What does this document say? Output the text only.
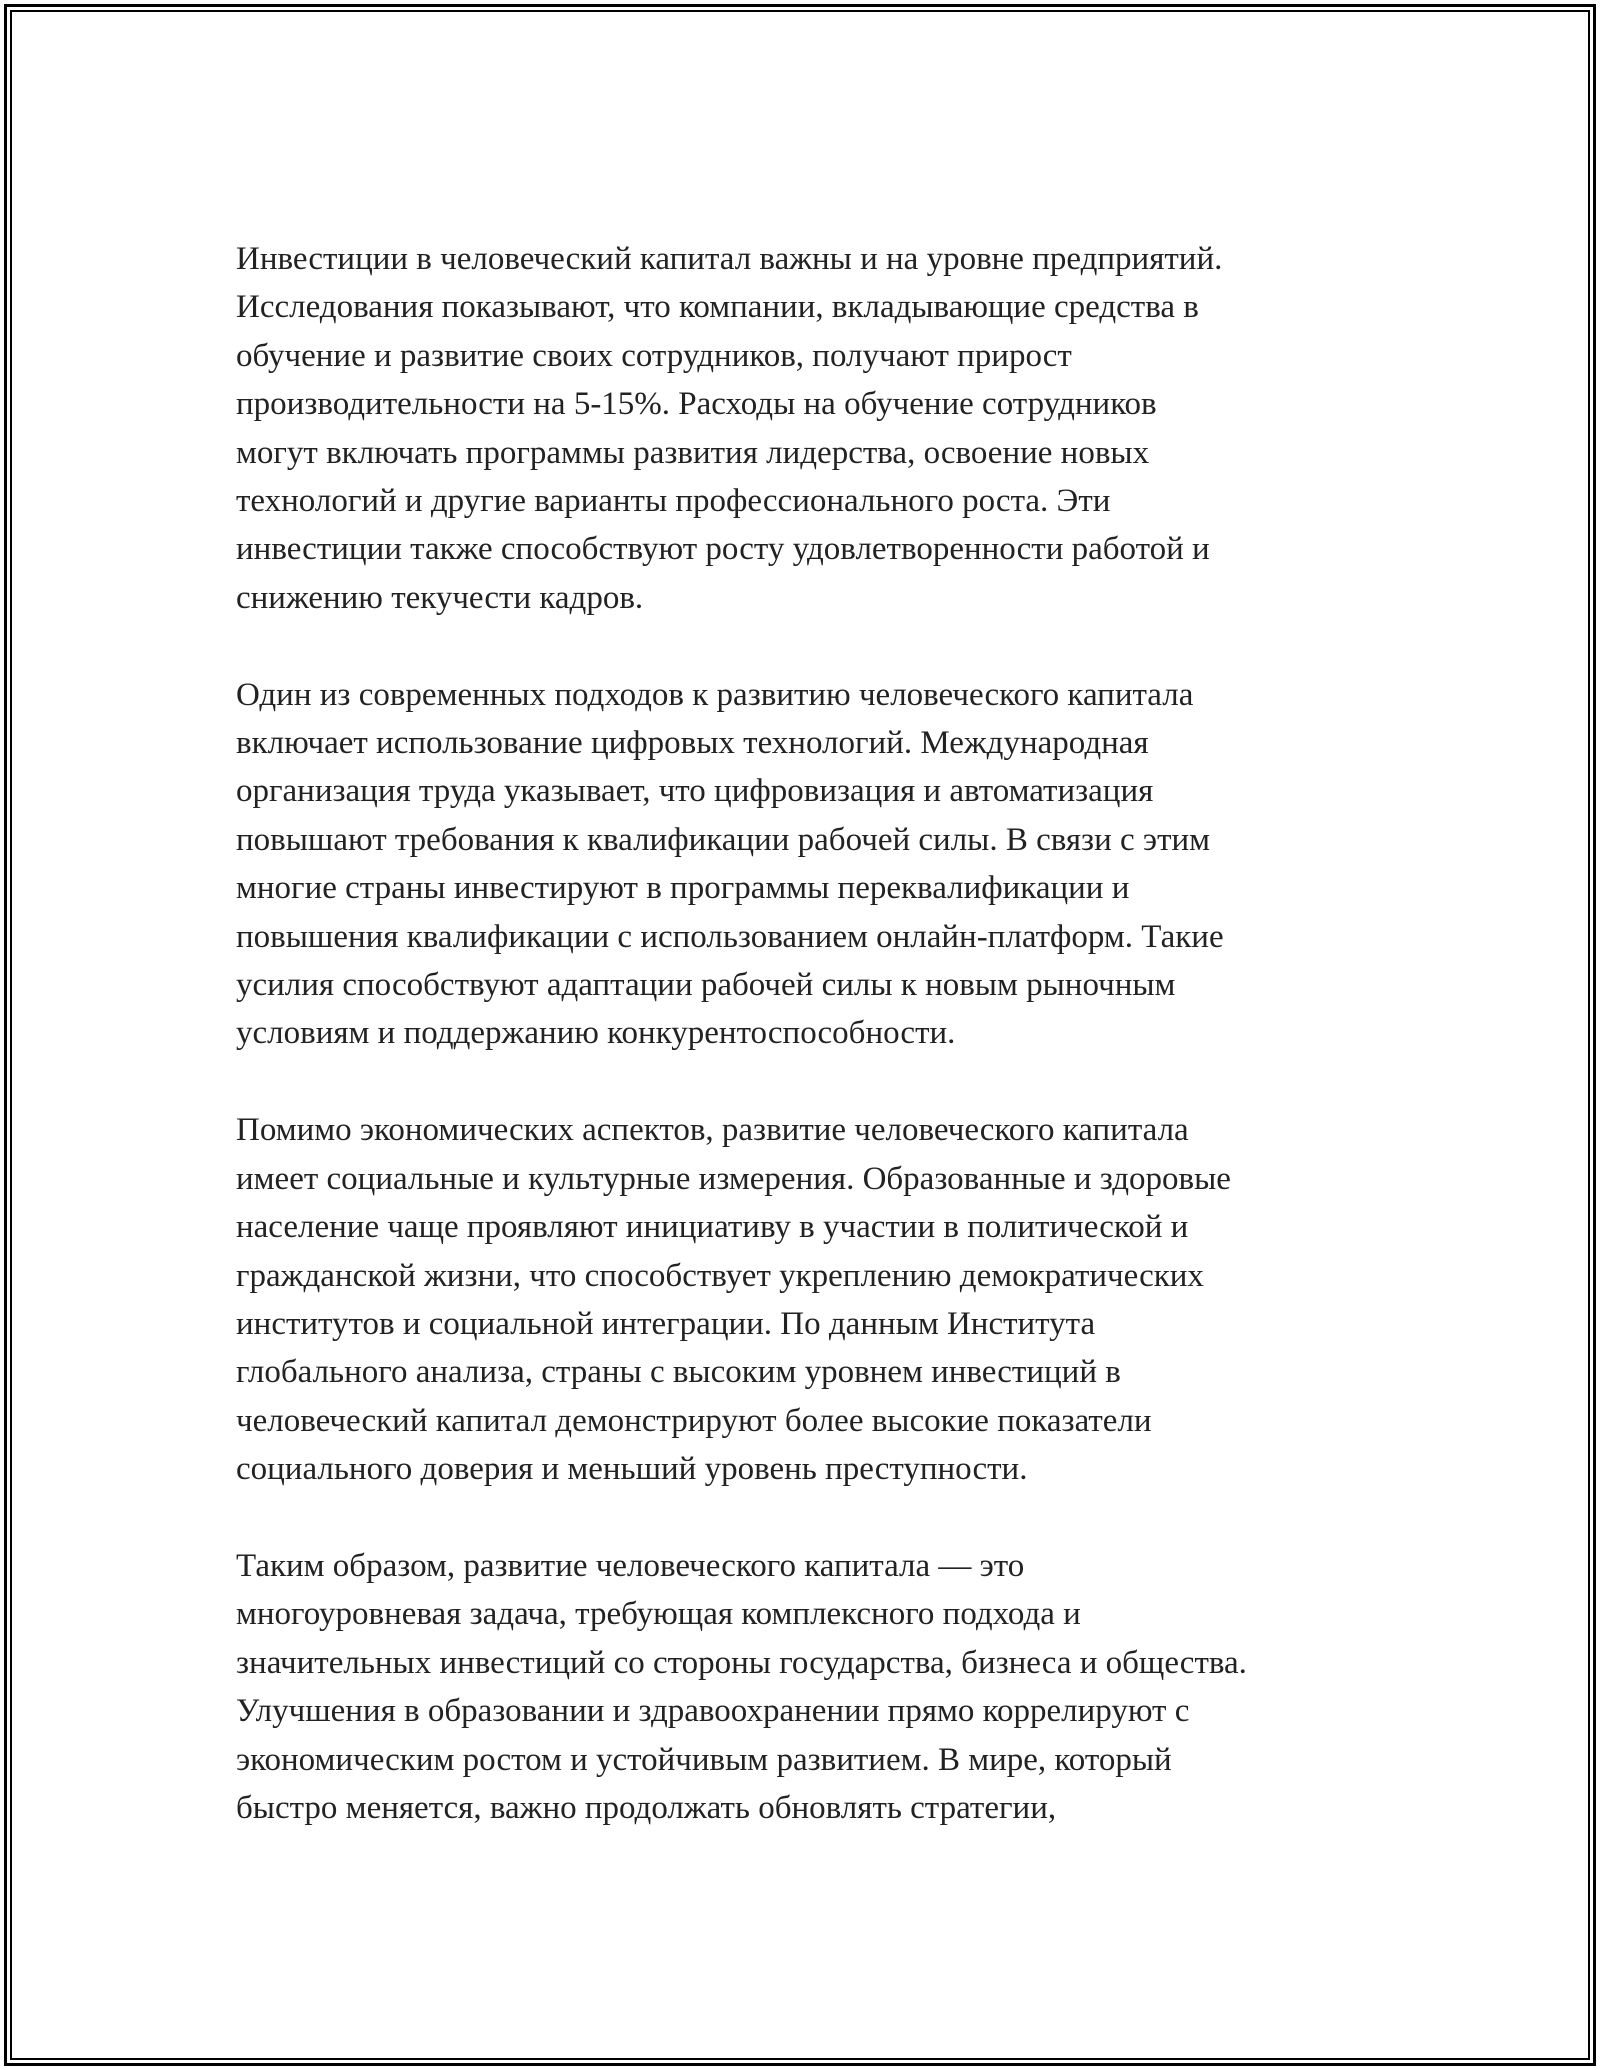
Инвестиции в человеческий капитал важны и на уровне предприятий.
Исследования показывают, что компании, вкладывающие средства в
обучение и развитие своих сотрудников, получают прирост
производительности на 5-15%. Расходы на обучение сотрудников
могут включать программы развития лидерства, освоение новых
технологий и другие варианты профессионального роста. Эти
инвестиции также способствуют росту удовлетворенности работой и
снижению текучести кадров.

Один из современных подходов к развитию человеческого капитала
включает использование цифровых технологий. Международная
организация труда указывает, что цифровизация и автоматизация
повышают требования к квалификации рабочей силы. В связи с этим
многие страны инвестируют в программы переквалификации и
повышения квалификации с использованием онлайн-платформ. Такие
усилия способствуют адаптации рабочей силы к новым рыночным
условиям и поддержанию конкурентоспособности.

Помимо экономических аспектов, развитие человеческого капитала
имеет социальные и культурные измерения. Образованные и здоровые
население чаще проявляют инициативу в участии в политической и
гражданской жизни, что способствует укреплению демократических
институтов и социальной интеграции. По данным Института
глобального анализа, страны с высоким уровнем инвестиций в
человеческий капитал демонстрируют более высокие показатели
социального доверия и меньший уровень преступности.

Таким образом, развитие человеческого капитала — это
многоуровневая задача, требующая комплексного подхода и
значительных инвестиций со стороны государства, бизнеса и общества.
Улучшения в образовании и здравоохранении прямо коррелируют с
экономическим ростом и устойчивым развитием. В мире, который
быстро меняется, важно продолжать обновлять стратегии,
